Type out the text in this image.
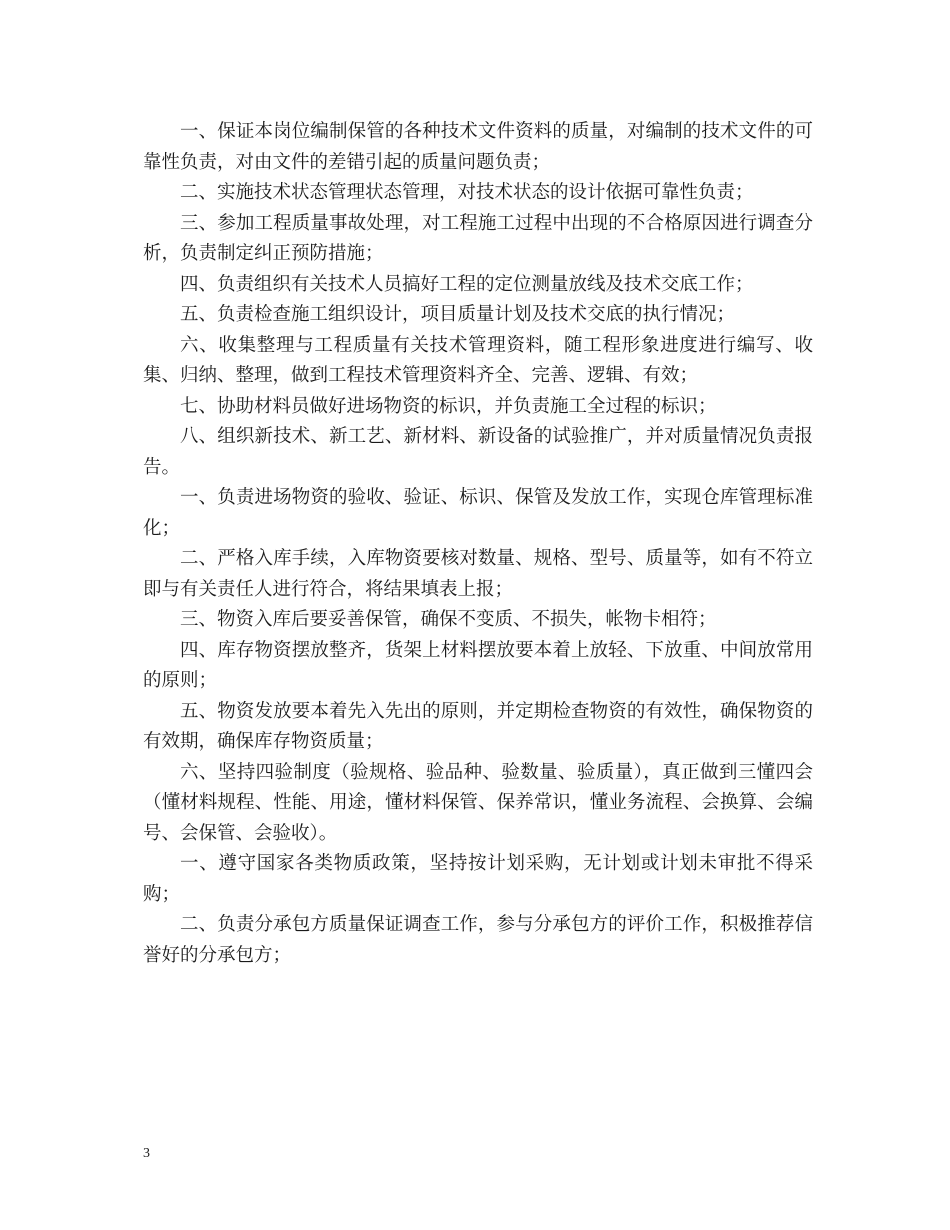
一、保证本岗位编制保管的各种技术文件资料的质量，对编制的技术文件的可靠性负责，对由文件的差错引起的质量问题负责；

二、实施技术状态管理状态管理，对技术状态的设计依据可靠性负责；

三、参加工程质量事故处理，对工程施工过程中出现的不合格原因进行调查分析，负责制定纠正预防措施；

四、负责组织有关技术人员搞好工程的定位测量放线及技术交底工作；

五、负责检查施工组织设计，项目质量计划及技术交底的执行情况；

六、收集整理与工程质量有关技术管理资料，随工程形象进度进行编写、收集、归纳、整理，做到工程技术管理资料齐全、完善、逻辑、有效；

七、协助材料员做好进场物资的标识，并负责施工全过程的标识；

八、组织新技术、新工艺、新材料、新设备的试验推广，并对质量情况负责报告。

一、负责进场物资的验收、验证、标识、保管及发放工作，实现仓库管理标准化；

二、严格入库手续，入库物资要核对数量、规格、型号、质量等，如有不符立即与有关责任人进行符合，将结果填表上报；

三、物资入库后要妥善保管，确保不变质、不损失，帐物卡相符；

四、库存物资摆放整齐，货架上材料摆放要本着上放轻、下放重、中间放常用的原则；

五、物资发放要本着先入先出的原则，并定期检查物资的有效性，确保物资的有效期，确保库存物资质量；

六、坚持四验制度（验规格、验品种、验数量、验质量），真正做到三懂四会（懂材料规程、性能、用途，懂材料保管、保养常识，懂业务流程、会换算、会编号、会保管、会验收）。

一、遵守国家各类物质政策，坚持按计划采购，无计划或计划未审批不得采购；

二、负责分承包方质量保证调查工作，参与分承包方的评价工作，积极推荐信誉好的分承包方；

3
